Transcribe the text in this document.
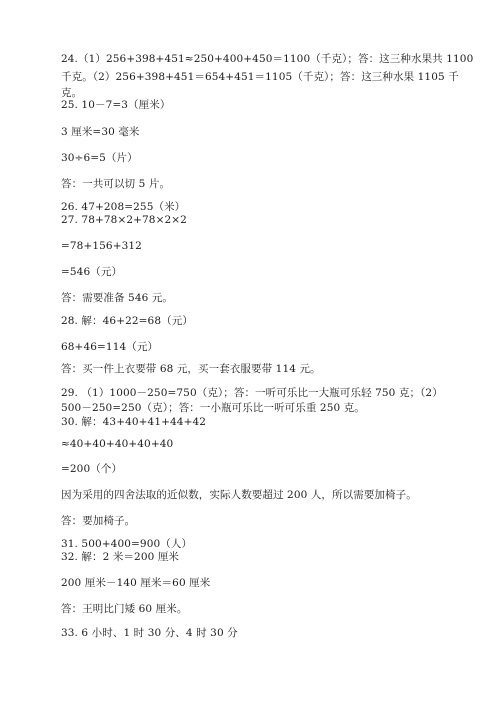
24.（1）256+398+451≈250+400+450＝1100（千克）；答：这三种水果共 1100
千克。（2）256+398+451＝654+451＝1105（千克）；答：这三种水果 1105 千
克。
25. 10－7=3（厘米）
3 厘米=30 毫米
30÷6=5（片）
答：一共可以切 5 片。
26. 47+208=255（米）
27. 78+78×2+78×2×2
=78+156+312
=546（元）
答：需要准备 546 元。
28. 解：46+22=68（元）
68+46=114（元）
答：买一件上衣要带 68 元，买一套衣服要带 114 元。
29. （1）1000－250=750（克）；答：一听可乐比一大瓶可乐轻 750 克；（2）
500－250=250（克）；答：一小瓶可乐比一听可乐重 250 克。
30. 解：43+40+41+44+42
≈40+40+40+40+40
=200（个）
因为采用的四舍法取的近似数，实际人数要超过 200 人，所以需要加椅子。
答：要加椅子。
31. 500+400=900（人）
32. 解：2 米＝200 厘米
200 厘米－140 厘米＝60 厘米
答：王明比门矮 60 厘米。
33. 6 小时、1 时 30 分、4 时 30 分
